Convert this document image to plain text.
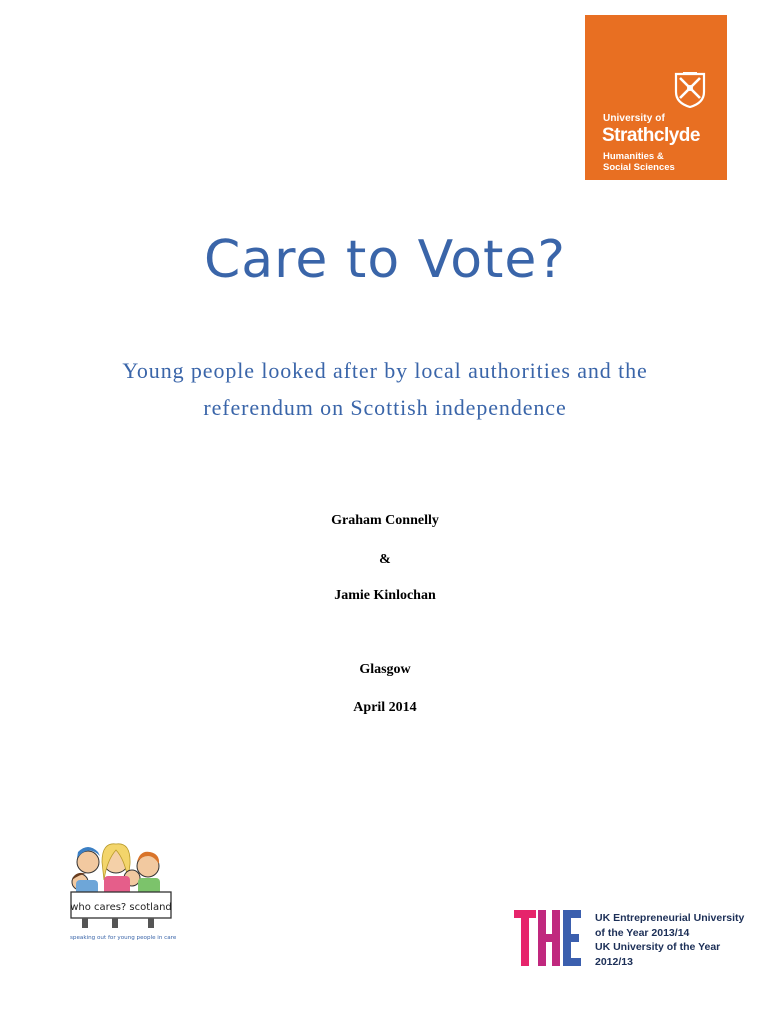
University of
Strathclyde
Humanities &
Social Sciences
Care to Vote?
Young people looked after by local authorities and the
referendum on Scottish independence
Graham Connelly
&
Jamie Kinlochan
Glasgow
April 2014
who cares? scotland
speaking out for young people in care
UK Entrepreneurial University
of the Year 2013/14
UK University of the Year
2012/13
